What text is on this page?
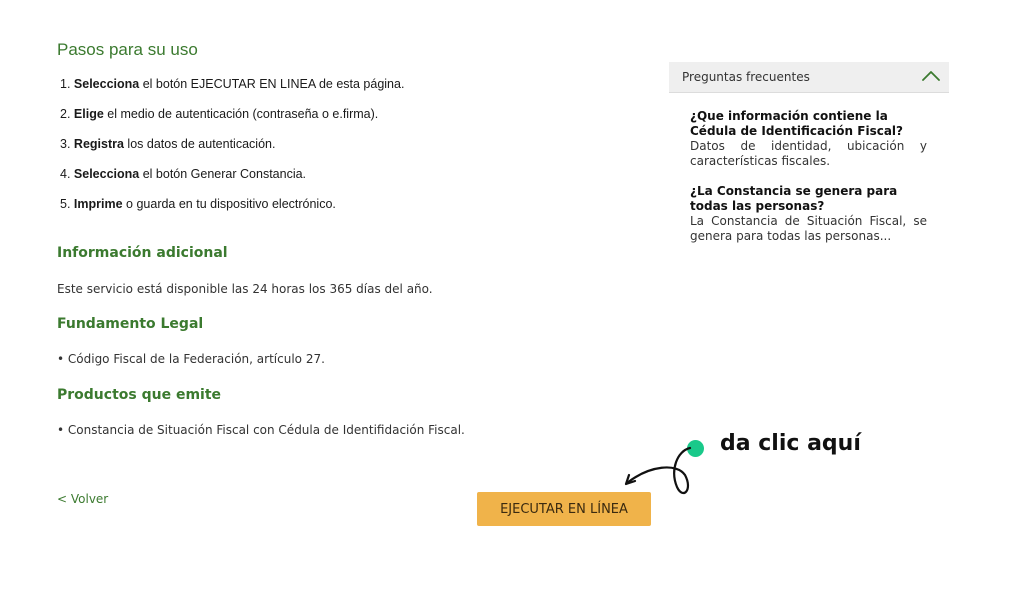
Pasos para su uso
1. Selecciona el botón EJECUTAR EN LINEA de esta página.
2. Elige el medio de autenticación (contraseña o e.firma).
3. Registra los datos de autenticación.
4. Selecciona el botón Generar Constancia.
5. Imprime o guarda en tu dispositivo electrónico.
Información adicional
Este servicio está disponible las 24 horas los 365 días del año.
Fundamento Legal
• Código Fiscal de la Federación, artículo 27.
Productos que emite
• Constancia de Situación Fiscal con Cédula de Identifidación Fiscal.
< Volver
EJECUTAR EN LÍNEA
Preguntas frecuentes
¿Que información contiene la Cédula de Identificación Fiscal?
Datos de identidad, ubicación y características fiscales.
¿La Constancia se genera para todas las personas?
La Constancia de Situación Fiscal, se genera para todas las personas...
da clic aquí
